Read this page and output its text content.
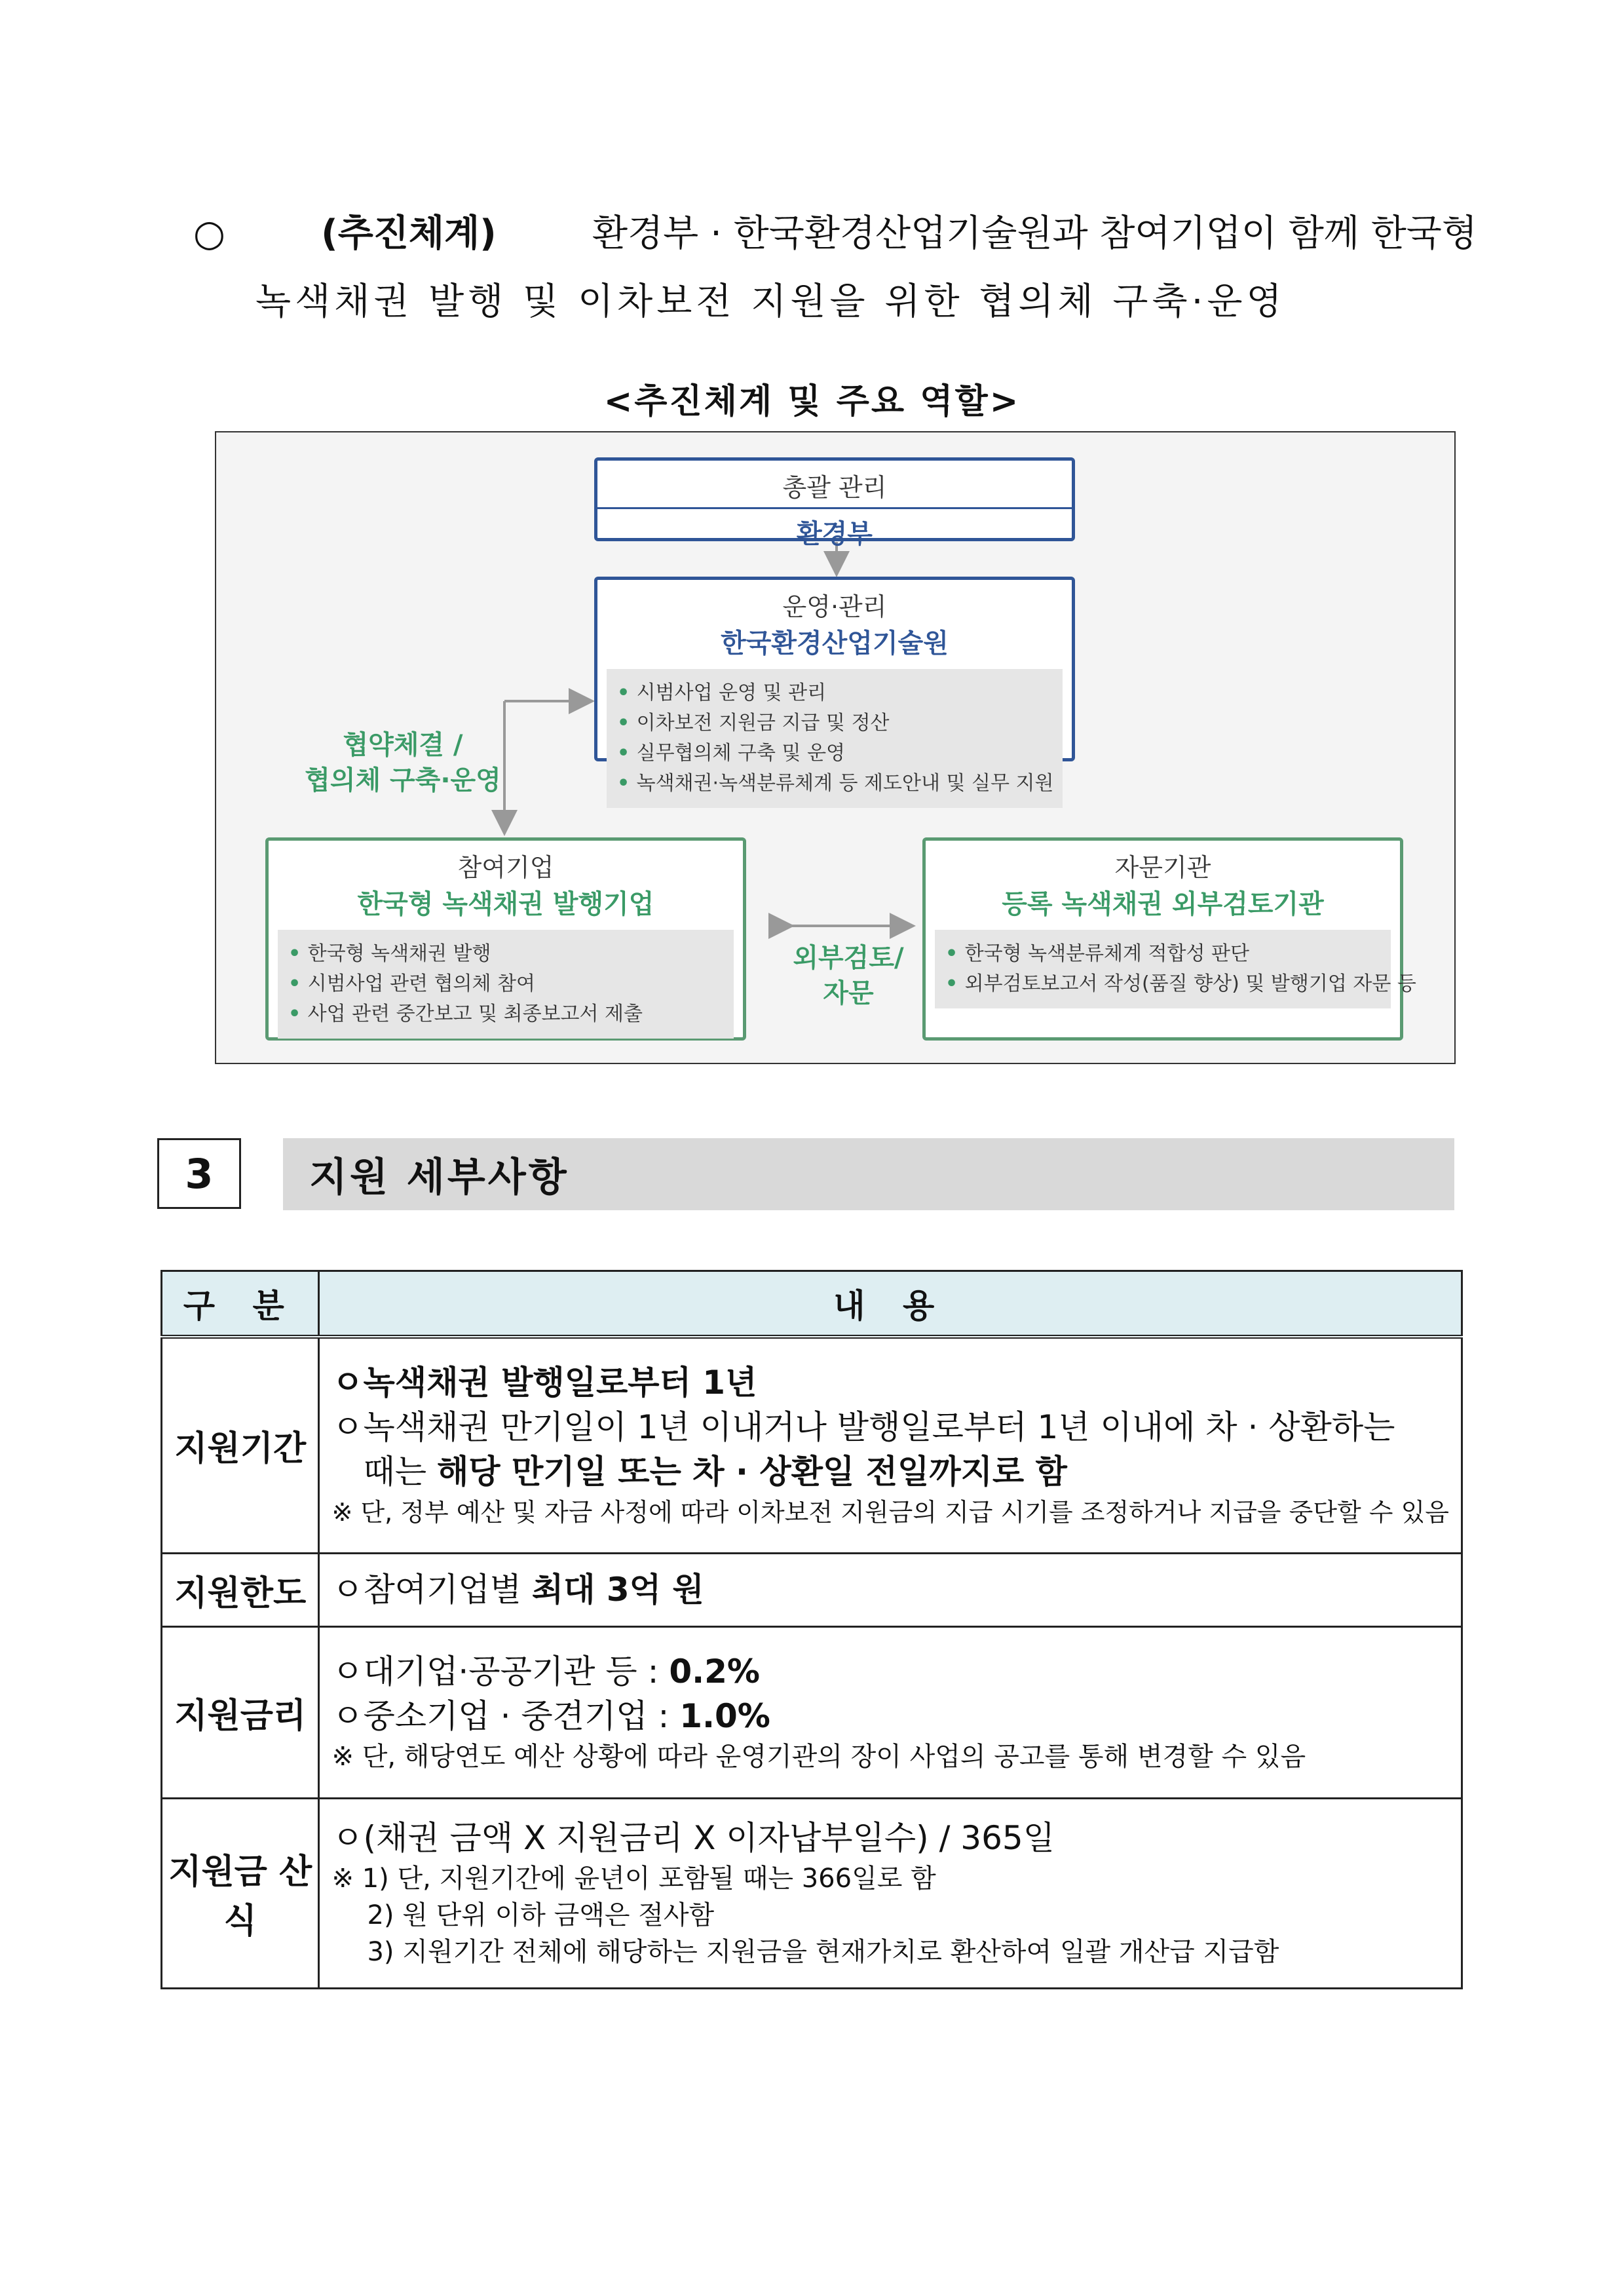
○	(추진체계)	환경부 · 한국환경산업기술원과 참여기업이 함께 한국형
녹색채권 발행 및 이차보전 지원을 위한 협의체 구축·운영
<추진체계 및 주요 역할>
총괄 관리
환경부
운영·관리
한국환경산업기술원
• 시범사업 운영 및 관리
• 이차보전 지원금 지급 및 정산
• 실무협의체 구축 및 운영
• 녹색채권·녹색분류체계 등 제도안내 및 실무 지원
협약체결 /
협의체 구축·운영
참여기업
한국형 녹색채권 발행기업
• 한국형 녹색채권 발행
• 시범사업 관련 협의체 참여
• 사업 관련 중간보고 및 최종보고서 제출
외부검토/
자문
자문기관
등록 녹색채권 외부검토기관
• 한국형 녹색분류체계 적합성 판단
• 외부검토보고서 작성(품질 향상) 및 발행기업 자문 등
3	지원 세부사항
구 분	내 용
지원기간	ㅇ녹색채권 발행일로부터 1년
ㅇ녹색채권 만기일이 1년 이내거나 발행일로부터 1년 이내에 차 · 상환하는
때는 해당 만기일 또는 차 · 상환일 전일까지로 함
※ 단, 정부 예산 및 자금 사정에 따라 이차보전 지원금의 지급 시기를 조정하거나 지급을 중단할 수 있음

지원한도	ㅇ참여기업별 최대 3억 원

지원금리	ㅇ대기업·공공기관 등 : 0.2%
ㅇ중소기업 · 중견기업 : 1.0%
※ 단, 해당연도 예산 상황에 따라 운영기관의 장이 사업의 공고를 통해 변경할 수 있음

지원금 산식	ㅇ(채권 금액 X 지원금리 X 이자납부일수) / 365일
※ 1) 단, 지원기간에 윤년이 포함될 때는 366일로 함
2) 원 단위 이하 금액은 절사함
3) 지원기간 전체에 해당하는 지원금을 현재가치로 환산하여 일괄 개산급 지급함
